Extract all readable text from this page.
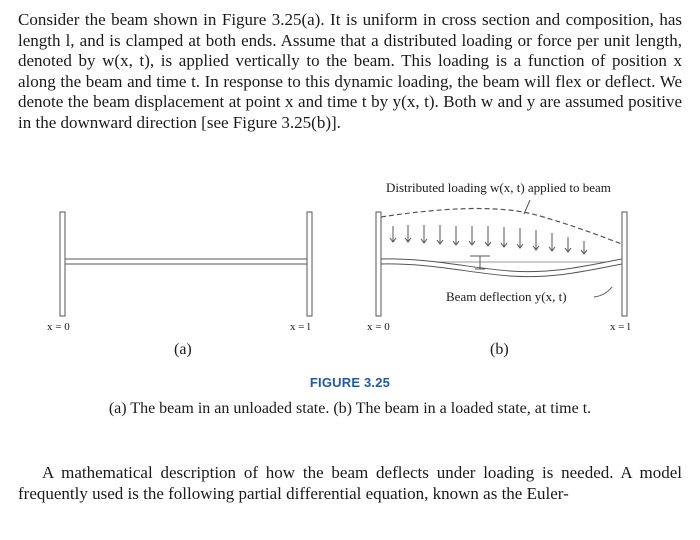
Consider the beam shown in Figure 3.25(a). It is uniform in cross section and composition, has length l, and is clamped at both ends. Assume that a distributed loading or force per unit length, denoted by w(x, t), is applied vertically to the beam. This loading is a function of position x along the beam and time t. In response to this dynamic loading, the beam will flex or deflect. We denote the beam displacement at point x and time t by y(x, t). Both w and y are assumed positive in the downward direction [see Figure 3.25(b)].
Distributed loading w(x, t) applied to beam
Beam deflection y(x, t)
x = 0	x = l	x = 0	x = l
(a)	(b)
FIGURE 3.25
(a) The beam in an unloaded state. (b) The beam in a loaded state, at time t.
A mathematical description of how the beam deflects under loading is needed. A model frequently used is the following partial differential equation, known as the Euler-
